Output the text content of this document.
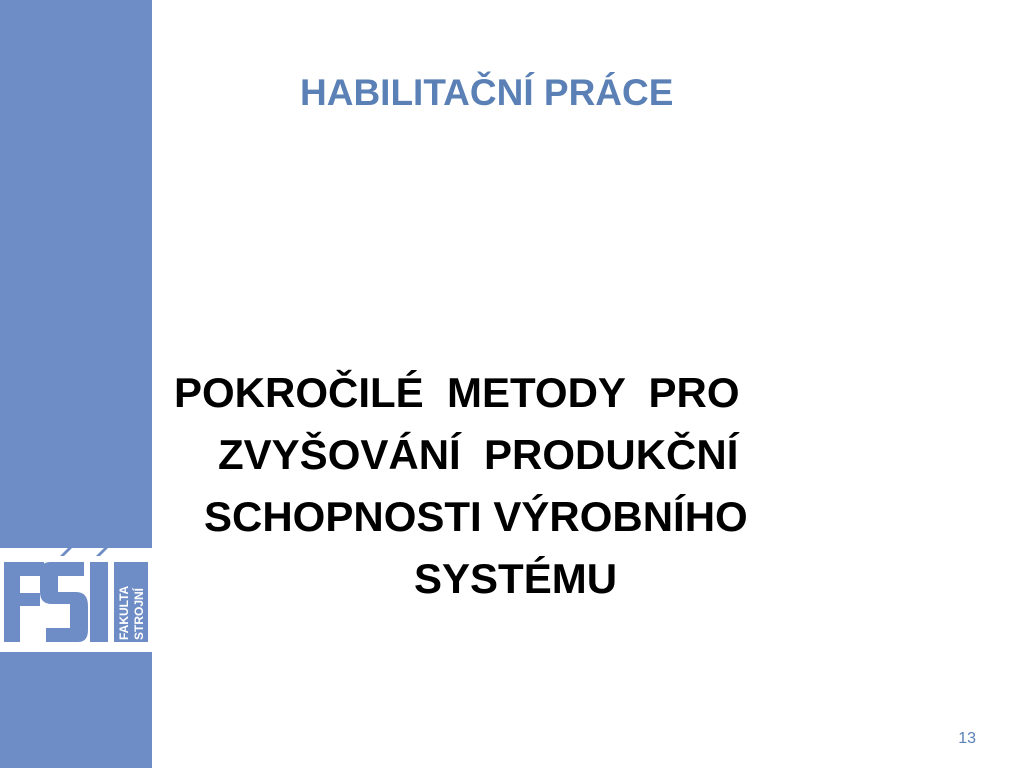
FAKULTA STROJNÍ
HABILITAČNÍ PRÁCE
POKROČILÉ  METODY  PRO
ZVYŠOVÁNÍ  PRODUKČNÍ
SCHOPNOSTI VÝROBNÍHO
SYSTÉMU
13
